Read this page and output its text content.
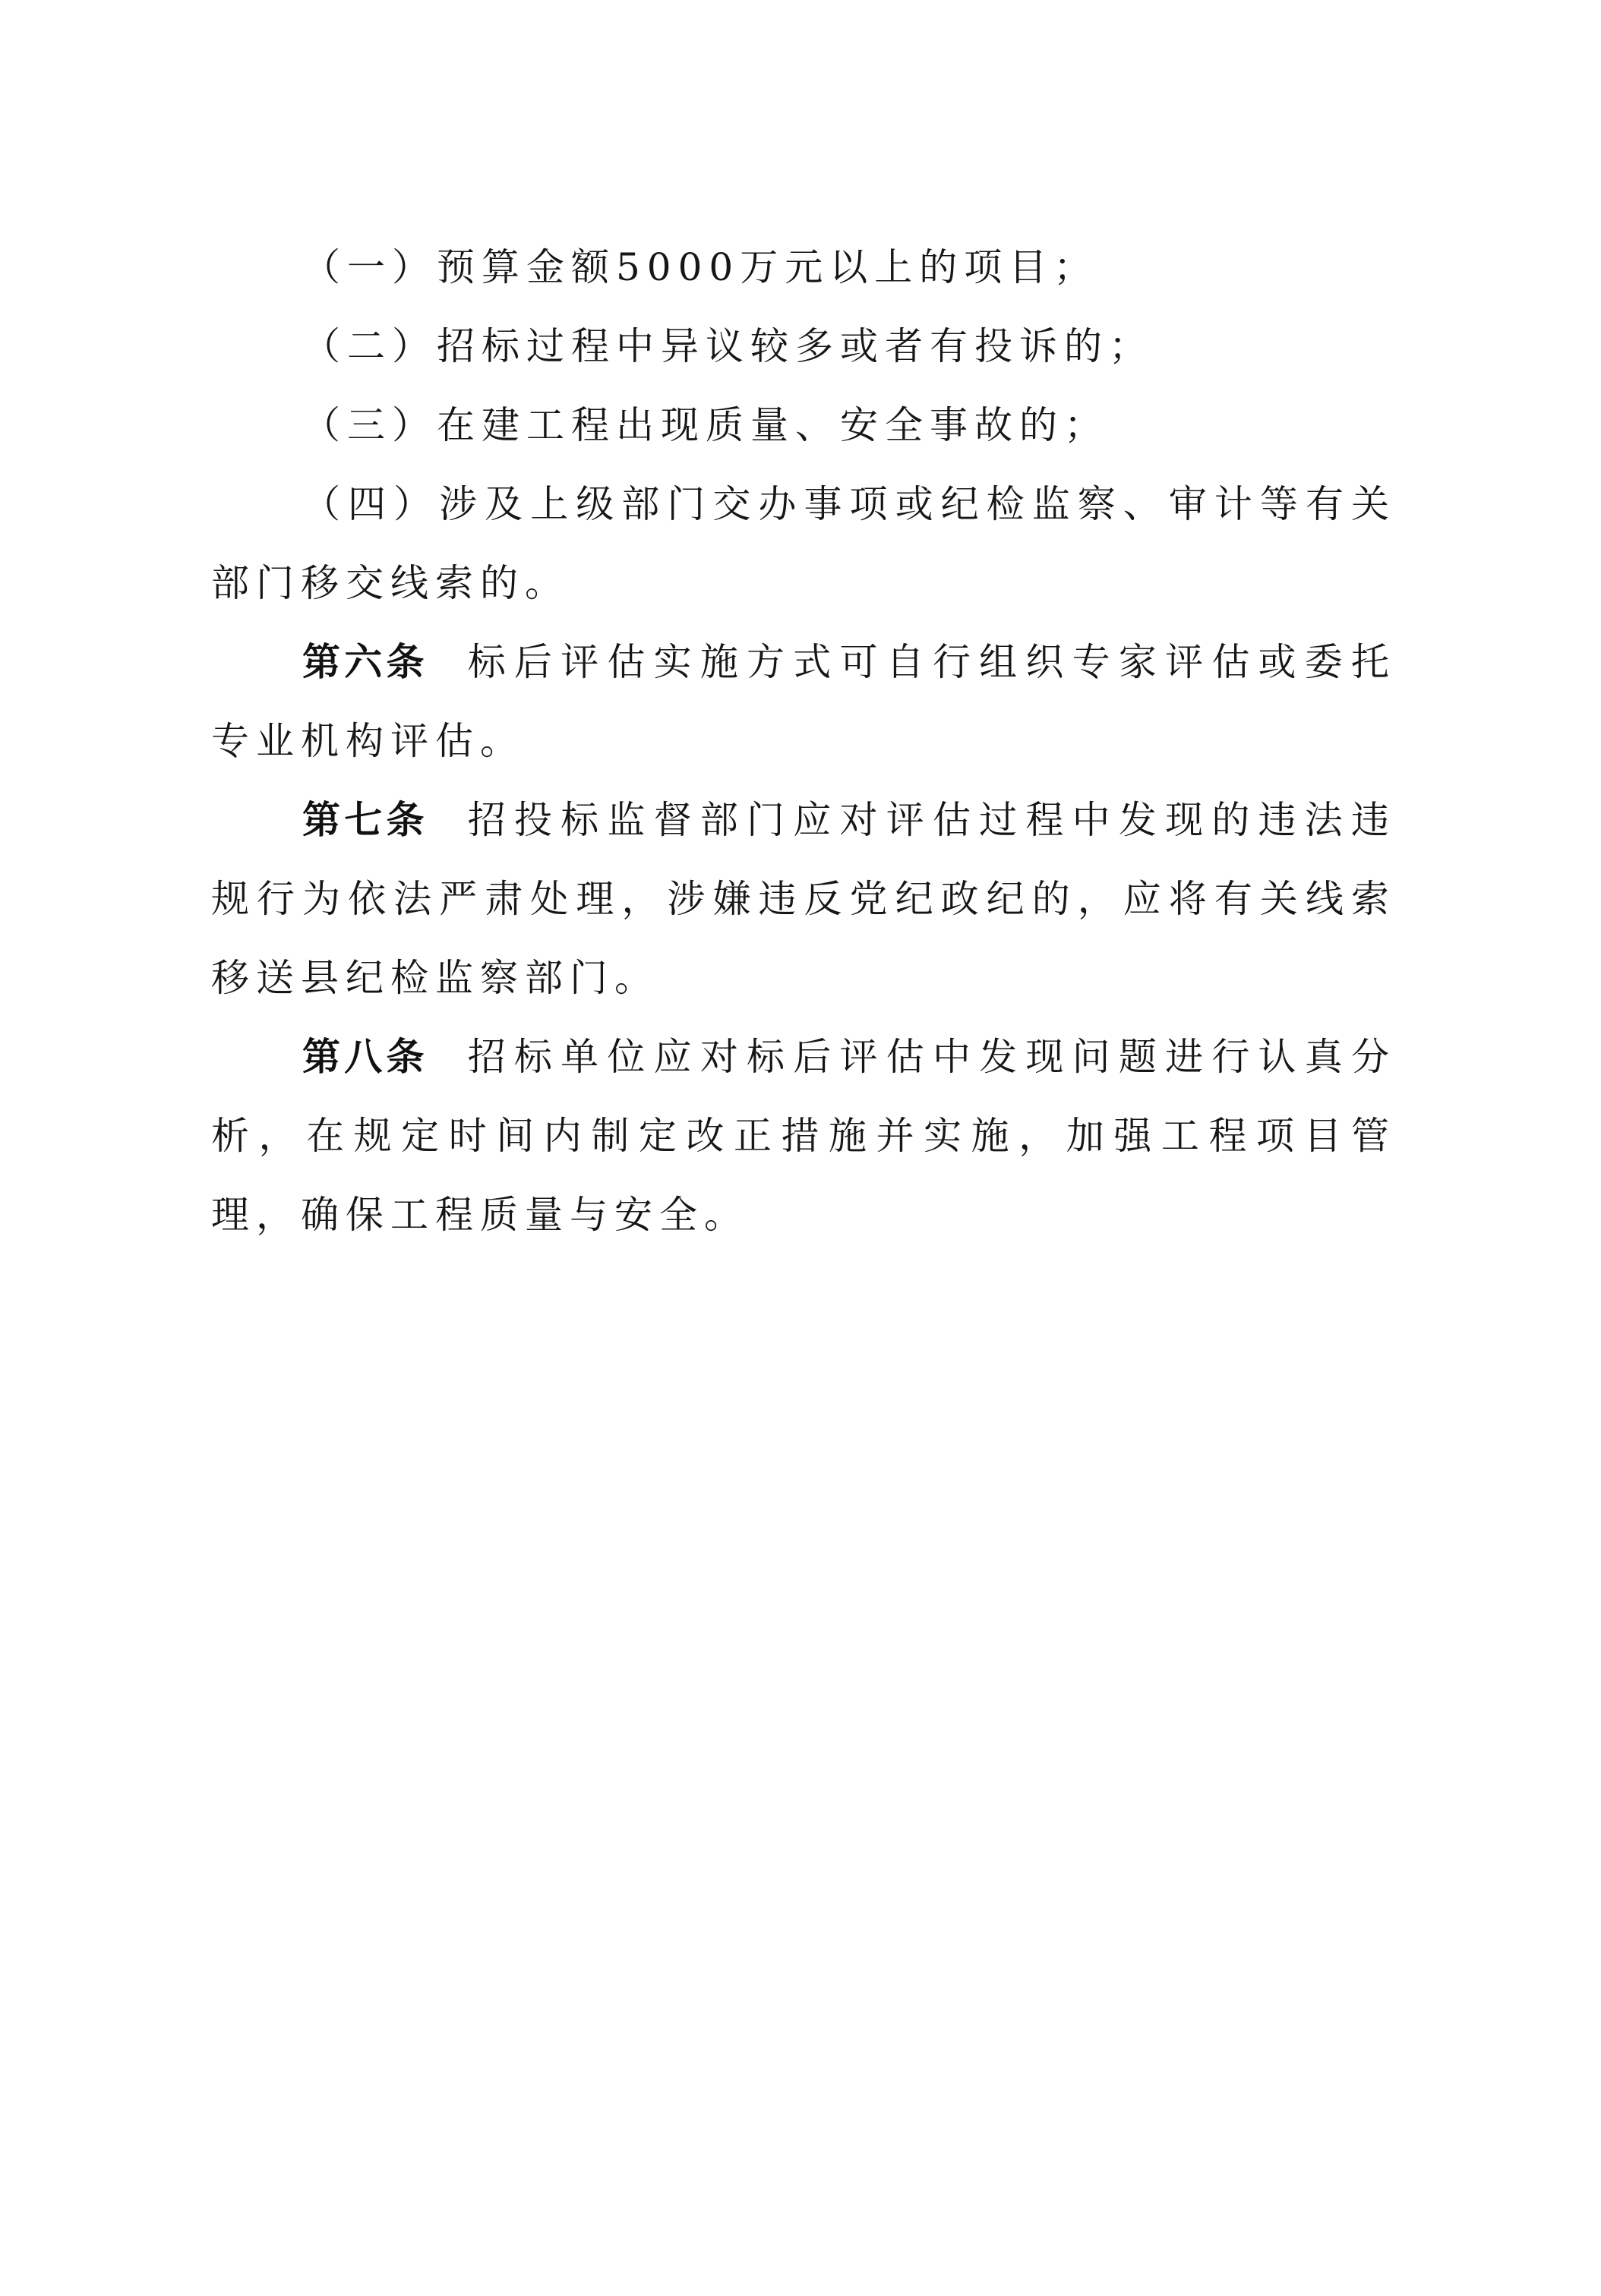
（一）预算金额5000万元以上的项目；

（二）招标过程中异议较多或者有投诉的；

（三）在建工程出现质量、安全事故的；

（四）涉及上级部门交办事项或纪检监察、审计等有关部门移交线索的。

第六条 标后评估实施方式可自行组织专家评估或委托专业机构评估。

第七条 招投标监督部门应对评估过程中发现的违法违规行为依法严肃处理，涉嫌违反党纪政纪的，应将有关线索移送县纪检监察部门。

第八条 招标单位应对标后评估中发现问题进行认真分析，在规定时间内制定改正措施并实施，加强工程项目管理，确保工程质量与安全。
